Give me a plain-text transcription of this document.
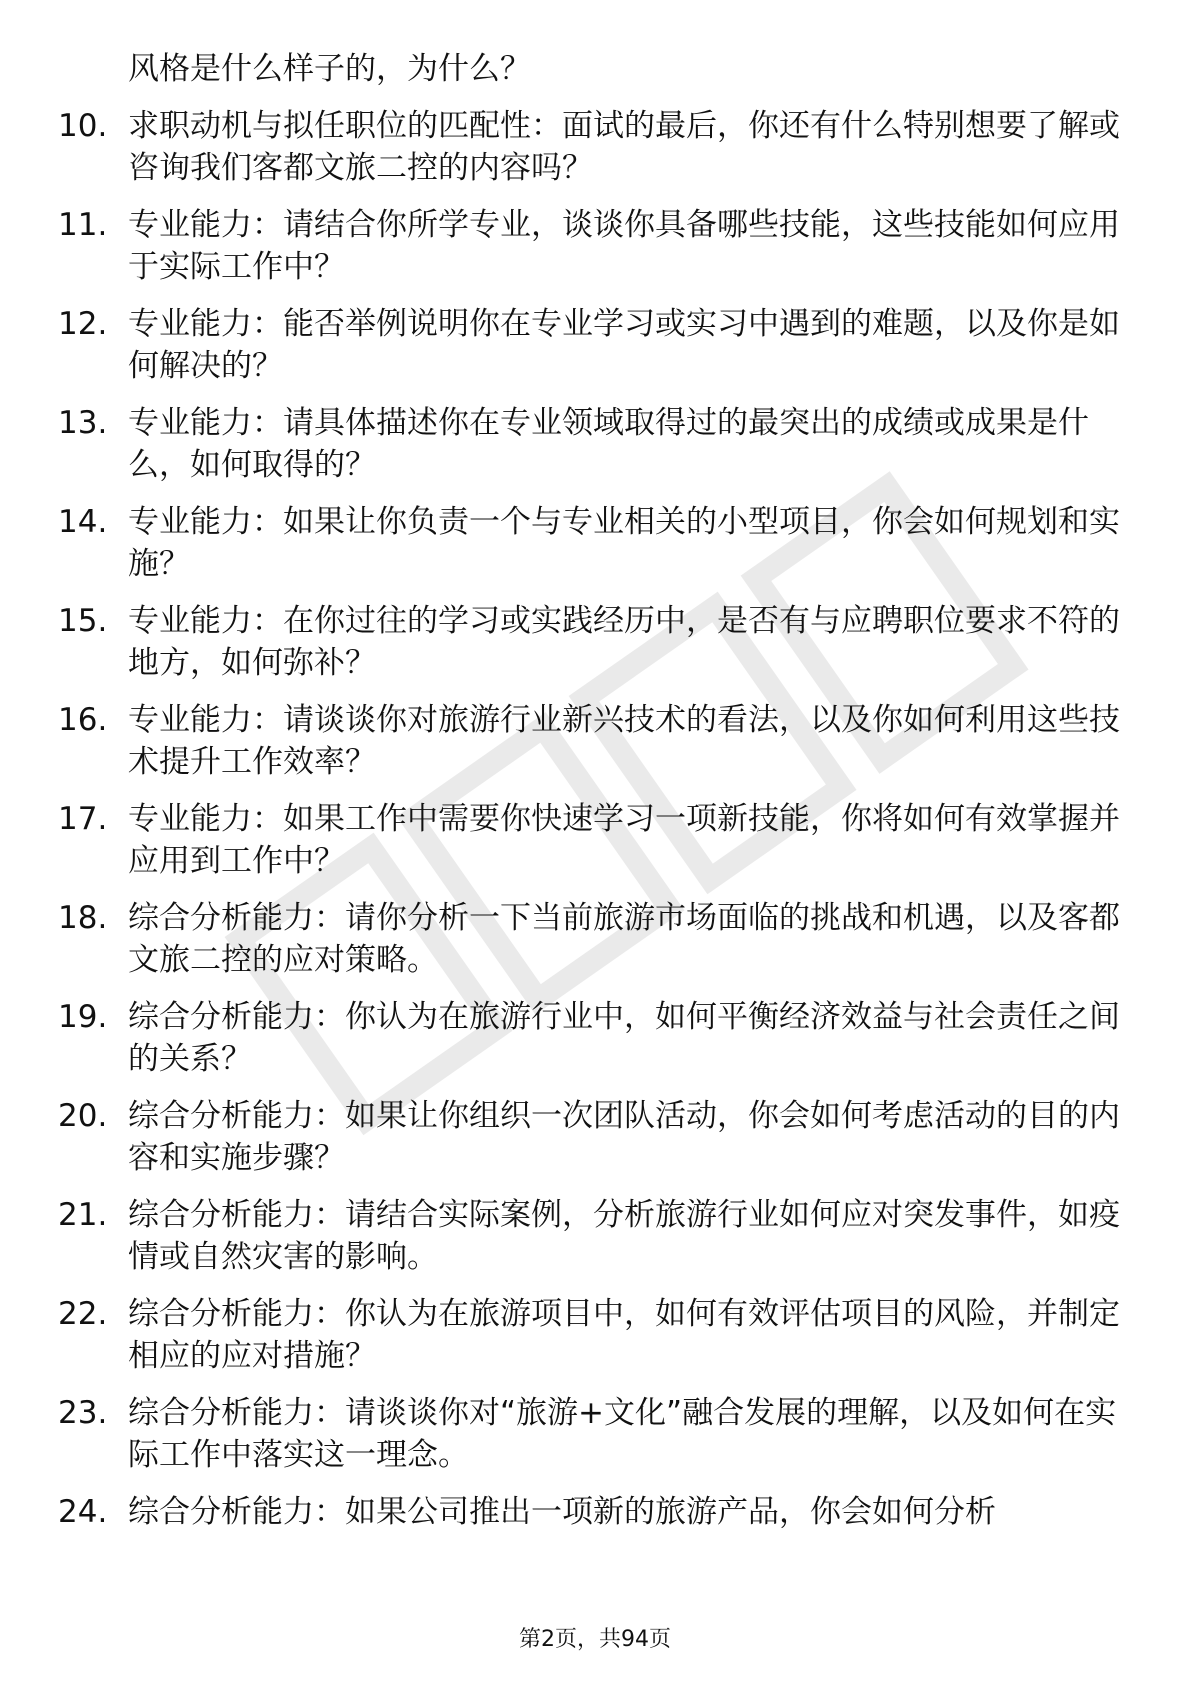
风格是什么样子的，为什么？
10. 求职动机与拟任职位的匹配性：面试的最后，你还有什么特别想要了解或咨询我们客都文旅二控的内容吗？
11. 专业能力：请结合你所学专业，谈谈你具备哪些技能，这些技能如何应用于实际工作中？
12. 专业能力：能否举例说明你在专业学习或实习中遇到的难题，以及你是如何解决的？
13. 专业能力：请具体描述你在专业领域取得过的最突出的成绩或成果是什么，如何取得的？
14. 专业能力：如果让你负责一个与专业相关的小型项目，你会如何规划和实施？
15. 专业能力：在你过往的学习或实践经历中，是否有与应聘职位要求不符的地方，如何弥补？
16. 专业能力：请谈谈你对旅游行业新兴技术的看法，以及你如何利用这些技术提升工作效率？
17. 专业能力：如果工作中需要你快速学习一项新技能，你将如何有效掌握并应用到工作中？
18. 综合分析能力：请你分析一下当前旅游市场面临的挑战和机遇，以及客都文旅二控的应对策略。
19. 综合分析能力：你认为在旅游行业中，如何平衡经济效益与社会责任之间的关系？
20. 综合分析能力：如果让你组织一次团队活动，你会如何考虑活动的目的内容和实施步骤？
21. 综合分析能力：请结合实际案例，分析旅游行业如何应对突发事件，如疫情或自然灾害的影响。
22. 综合分析能力：你认为在旅游项目中，如何有效评估项目的风险，并制定相应的应对措施？
23. 综合分析能力：请谈谈你对“旅游+文化”融合发展的理解，以及如何在实际工作中落实这一理念。
24. 综合分析能力：如果公司推出一项新的旅游产品，你会如何分析
第2页，共94页
